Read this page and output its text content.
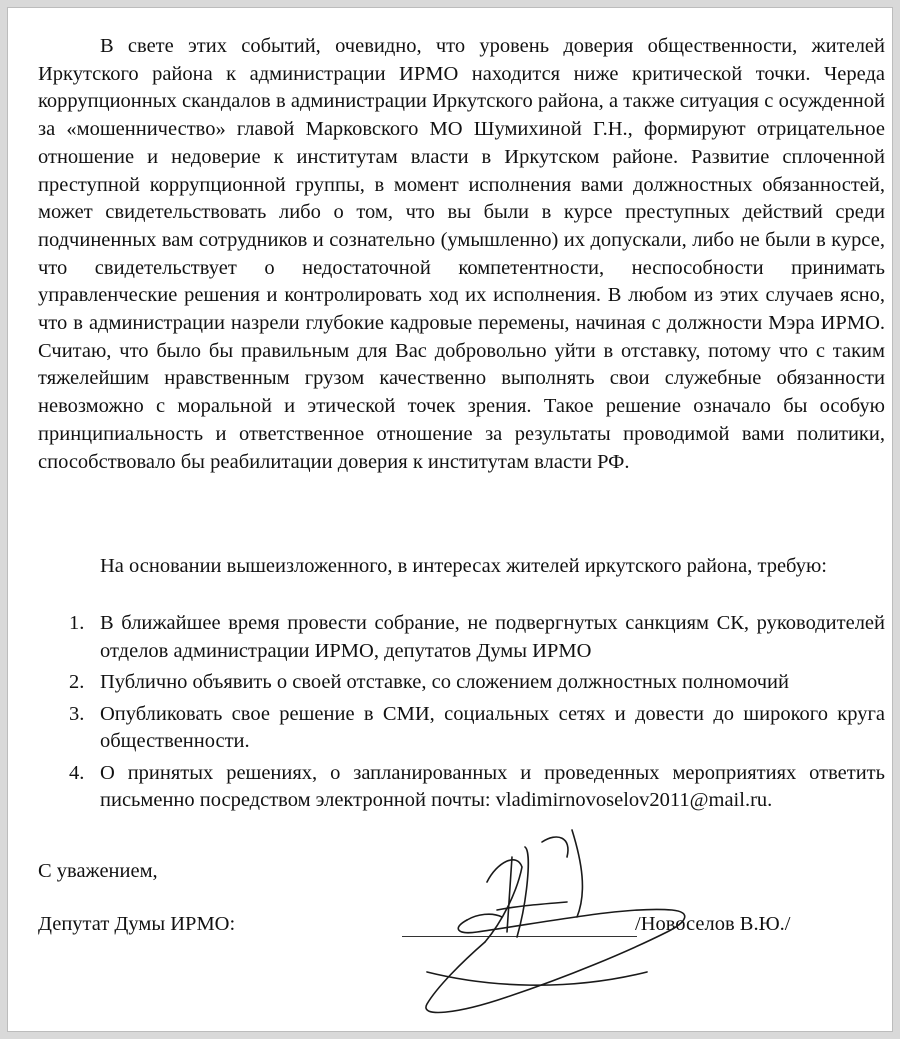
В свете этих событий, очевидно, что уровень доверия общественности, жителей Иркутского района к администрации ИРМО находится ниже критической точки. Череда коррупционных скандалов в администрации Иркутского района, а также ситуация с осужденной за «мошенничество» главой Марковского МО Шумихиной Г.Н., формируют отрицательное отношение и недоверие к институтам власти в Иркутском районе. Развитие сплоченной преступной коррупционной группы, в момент исполнения вами должностных обязанностей, может свидетельствовать либо о том, что вы были в курсе преступных действий среди подчиненных вам сотрудников и сознательно (умышленно) их допускали, либо не были в курсе, что свидетельствует о недостаточной компетентности, неспособности принимать управленческие решения и контролировать ход их исполнения. В любом из этих случаев ясно, что в администрации назрели глубокие кадровые перемены, начиная с должности Мэра ИРМО. Считаю, что было бы правильным для Вас добровольно уйти в отставку, потому что с таким тяжелейшим нравственным грузом качественно выполнять свои служебные обязанности невозможно с моральной и этической точек зрения. Такое решение означало бы особую принципиальность и ответственное отношение за результаты проводимой вами политики, способствовало бы реабилитации доверия к институтам власти РФ.

На основании вышеизложенного, в интересах жителей иркутского района, требую:

1. В ближайшее время провести собрание, не подвергнутых санкциям СК, руководителей отделов администрации ИРМО, депутатов Думы ИРМО
2. Публично объявить о своей отставке, со сложением должностных полномочий
3. Опубликовать свое решение в СМИ, социальных сетях и довести до широкого круга общественности.
4. О принятых решениях, о запланированных и проведенных мероприятиях ответить письменно посредством электронной почты: vladimirnovoselov2011@mail.ru.

С уважением,

Депутат Думы ИРМО:	/Новоселов В.Ю./
